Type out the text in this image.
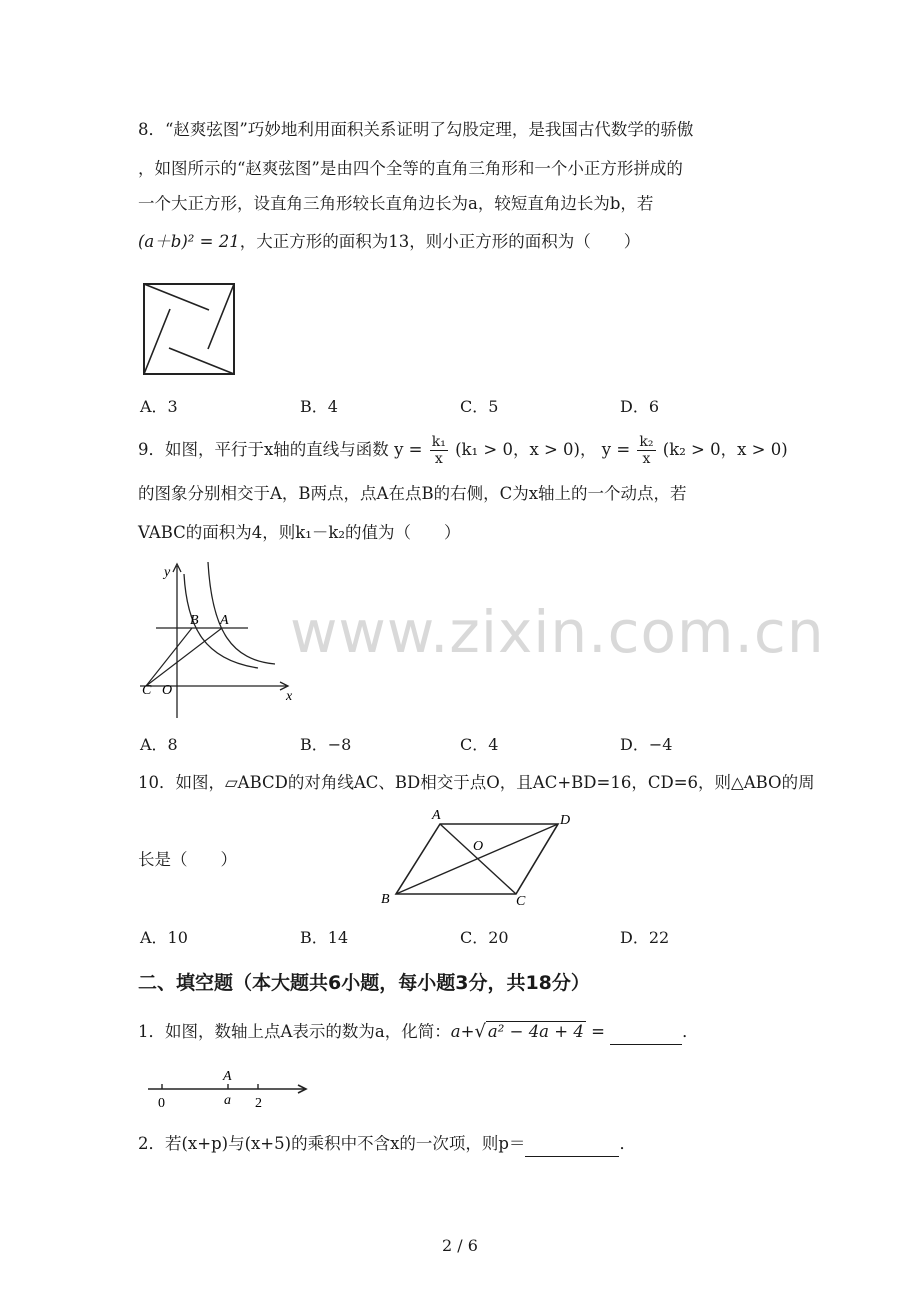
www.zixin.com.cn
8．“赵爽弦图”巧妙地利用面积关系证明了勾股定理，是我国古代数学的骄傲
，如图所示的“赵爽弦图”是由四个全等的直角三角形和一个小正方形拼成的
一个大正方形，设直角三角形较长直角边长为a，较短直角边长为b，若
(a＋b)² = 21，大正方形的面积为13，则小正方形的面积为（　　）
A．3	B．4	C．5	D．6
9．如图，平行于x轴的直线与函数 $y = \frac{\text{k₁}}{x} (k_1 > 0$，x > 0)， $y = \frac{\text{k₂}}{x} (k_2 > 0$，x > 0)
的图象分别相交于A，B两点，点A在点B的右侧，C为x轴上的一个动点，若
VABC的面积为4，则k₁－k₂的值为（　　）
y
x
B A
C O
A．8	B．−8	C．4	D．−4
10．如图，▱ABCD的对角线AC、BD相交于点O，且AC+BD=16，CD=6，则△ABO的周
A	D
O
B	C
长是（　　）
A．10	B．14	C．20	D．22
二、填空题（本大题共6小题，每小题3分，共18分）
1．如图，数轴上点A表示的数为a，化简：a+√ a² − 4a + 4 =	．
A
0	a 2
2．若(x+p)与(x+5)的乘积中不含x的一次项，则p＝	．
2 / 6
